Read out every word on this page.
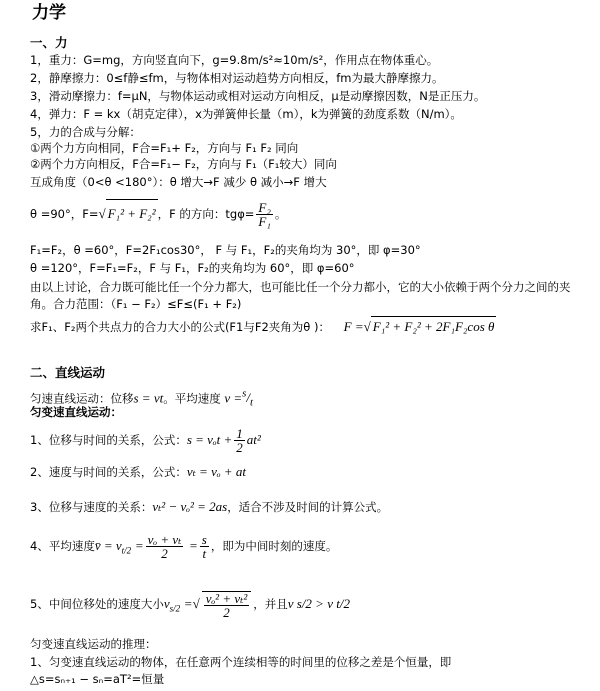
力学
一、力
1，重力：G=mg，方向竖直向下，g=9.8m/s²≈10m/s²，作用点在物体重心。
2，静摩擦力：0≤f静≤fm，与物体相对运动趋势方向相反，fm为最大静摩擦力。
3，滑动摩擦力：f=μN，与物体运动或相对运动方向相反，μ是动摩擦因数，N是正压力。
4，弹力：F = kx（胡克定律），x为弹簧伸长量（m），k为弹簧的劲度系数（N/m）。
5，力的合成与分解：
①两个力方向相同，F合=F₁+ F₂，方向与 F₁ F₂ 同向
②两个力方向相反，F合=F₁− F₂，方向与 F₁（F₁较大）同向
互成角度（0<θ <180°）：θ 增大→F 减少 θ 减小→F 增大
θ =90°，F=√ F₁² + F₂² ，F 的方向：$tg\varphi= \frac{\text{F₂}}{\text{F₁}}$ 。
F₁=F₂，θ =60°，F=2F₁cos30°， F 与 F₁，F₂的夹角均为 30°，即 φ=30°
θ =120°，F=F₁=F₂，F 与 F₁，F₂的夹角均为 60°，即 φ=60°
由以上讨论，合力既可能比任一个分力都大，也可能比任一个分力都小，它的大小依赖于两个分力之间的夹角。合力范围：（F₁ − F₂）≤F≤(F₁ + F₂)
求F₁、F₂两个共点力的合力大小的公式(F1与F2夹角为θ )： F =√ F₁² + F₂² + 2F₁F₂cos θ
二、直线运动
匀速直线运动：位移s = vt。平均速度 $v =^s/_t$
匀变速直线运动：
1、位移与时间的关系，公式：$s = v_ot + \frac{1}{2} at^2$
2、速度与时间的关系，公式：vₜ = vₒ + at
3、位移与速度的关系：vₜ² − vₒ² = 2as，适合不涉及时间的计算公式。
4、平均速度v̄ = $v_{t/2} = \frac{\text{vₒ + vₜ}}{2} = \frac{s}{t}$ ，即为中间时刻的速度。
5、中间位移处的速度大小$v_{s/2}$ =√ $\frac{\text{vₒ² + vₜ²}}{2}$ ，并且v s/2 > v t/2
匀变速直线运动的推理：
1、匀变速直线运动的物体，在任意两个连续相等的时间里的位移之差是个恒量，即
△s=sₙ₊₁ − sₙ=aT²=恒量
